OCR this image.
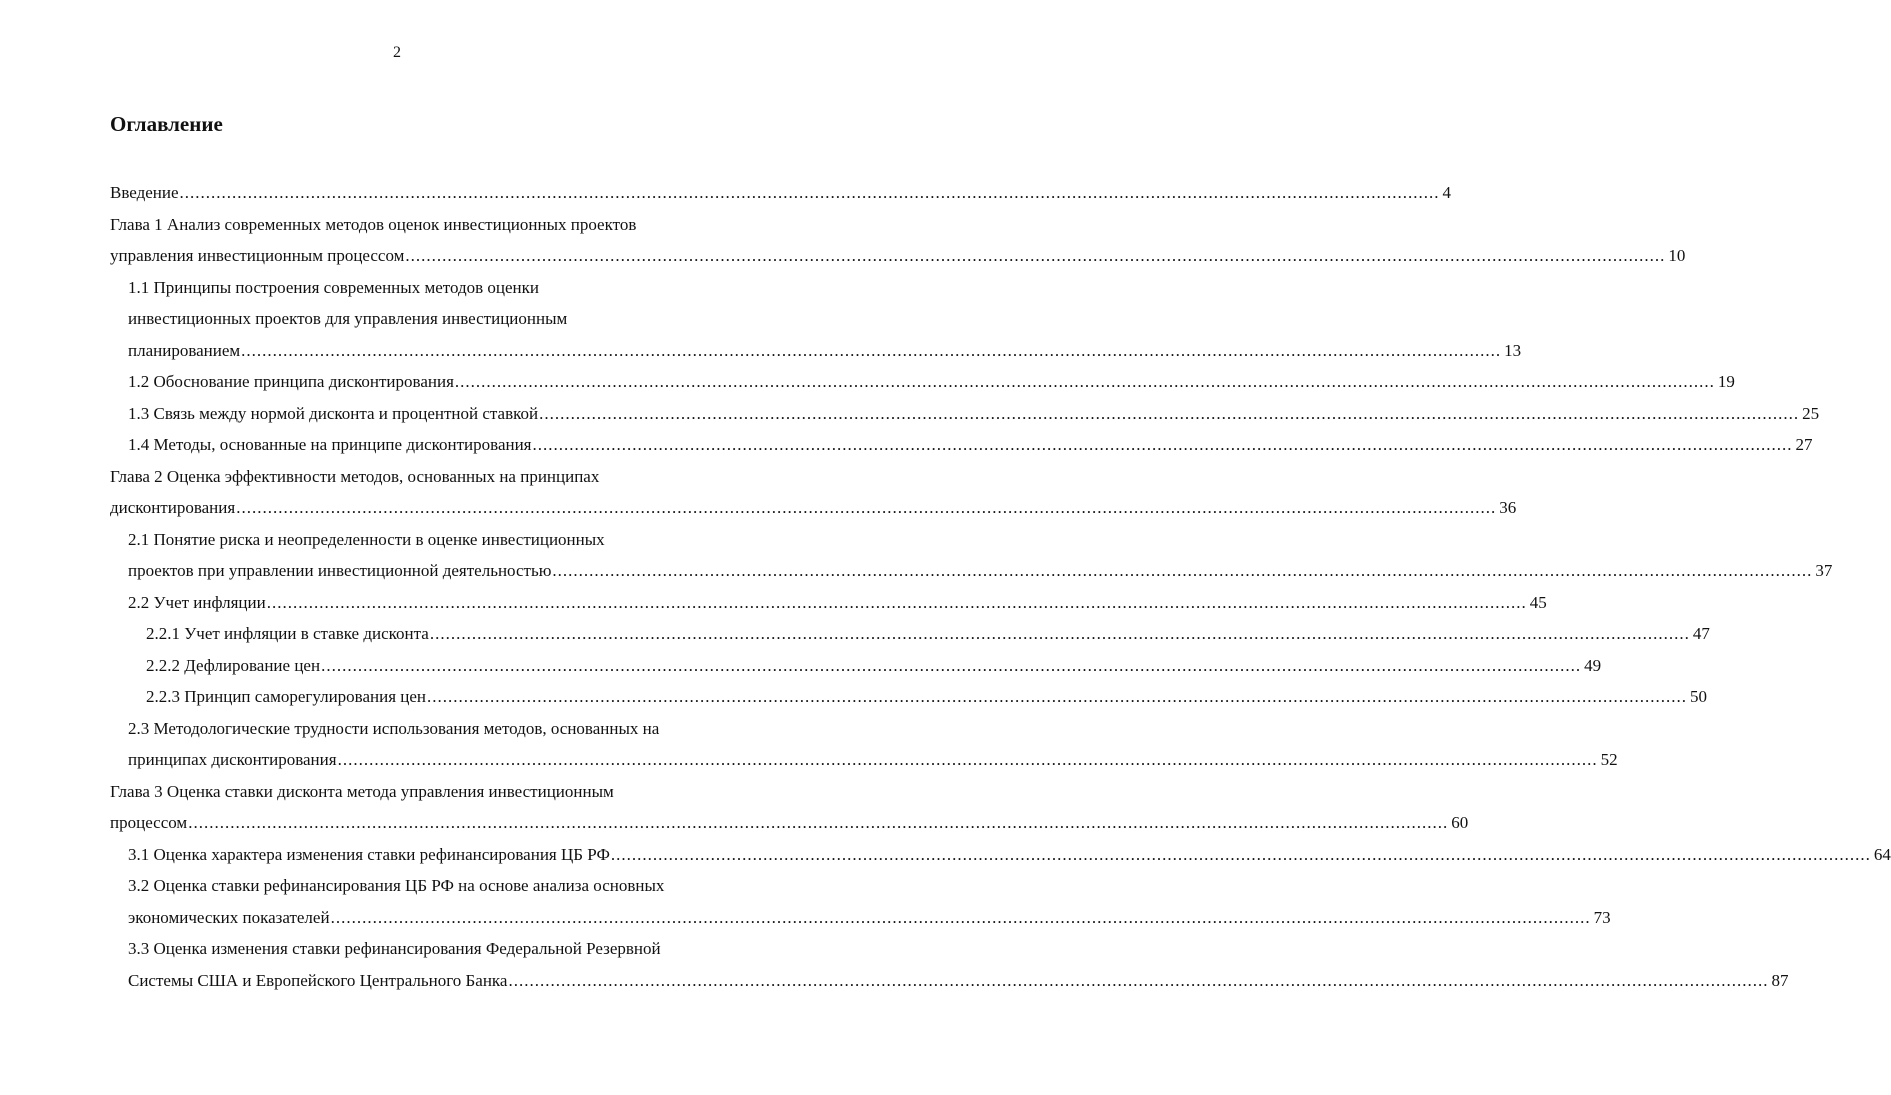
2
Оглавление
Введение ................................................................................................................................................................................................................................................ 4
Глава 1 Анализ современных методов оценок инвестиционных проектов
управления инвестиционным процессом ................................................................................................................................................................................................................................................ 10
1.1 Принципы построения современных методов оценки
инвестиционных проектов для управления инвестиционным
планированием ................................................................................................................................................................................................................................................ 13
1.2 Обоснование принципа дисконтирования ................................................................................................................................................................................................................................................ 19
1.3 Связь между нормой дисконта и процентной ставкой ................................................................................................................................................................................................................................................ 25
1.4 Методы, основанные на принципе дисконтирования ................................................................................................................................................................................................................................................ 27
Глава 2 Оценка эффективности методов, основанных на принципах
дисконтирования ................................................................................................................................................................................................................................................ 36
2.1 Понятие риска и неопределенности в оценке инвестиционных
проектов при управлении инвестиционной деятельностью ................................................................................................................................................................................................................................................ 37
2.2 Учет инфляции ................................................................................................................................................................................................................................................ 45
2.2.1 Учет инфляции в ставке дисконта ................................................................................................................................................................................................................................................ 47
2.2.2 Дефлирование цен ................................................................................................................................................................................................................................................ 49
2.2.3 Принцип саморегулирования цен ................................................................................................................................................................................................................................................ 50
2.3 Методологические трудности использования методов, основанных на
принципах дисконтирования ................................................................................................................................................................................................................................................ 52
Глава 3 Оценка ставки дисконта метода управления инвестиционным
процессом ................................................................................................................................................................................................................................................ 60
3.1 Оценка характера изменения ставки рефинансирования ЦБ РФ ................................................................................................................................................................................................................................................ 64
3.2 Оценка ставки рефинансирования ЦБ РФ на основе анализа основных
экономических показателей ................................................................................................................................................................................................................................................ 73
3.3 Оценка изменения ставки рефинансирования Федеральной Резервной
Системы США и Европейского Центрального Банка ................................................................................................................................................................................................................................................ 87
